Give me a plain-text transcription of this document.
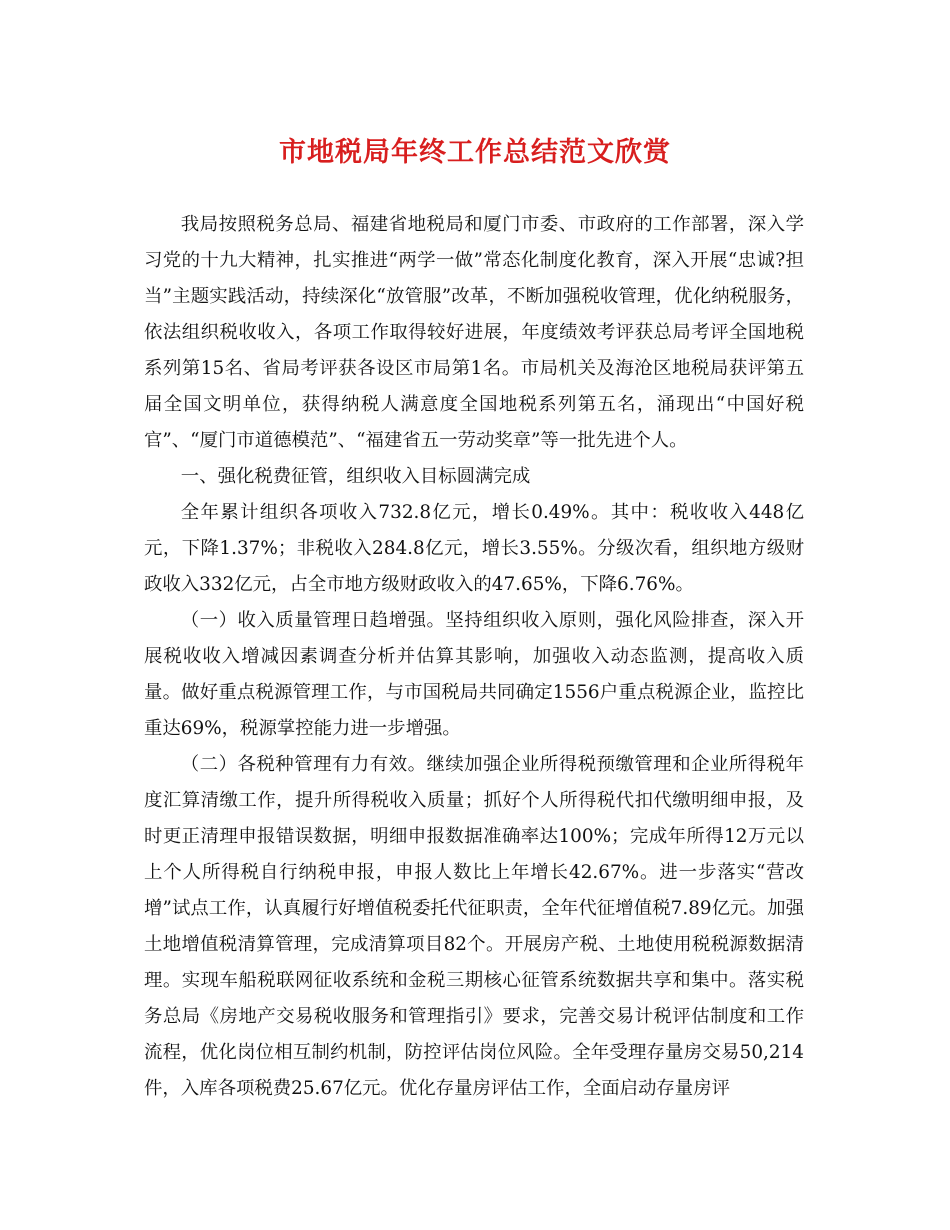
市地税局年终工作总结范文欣赏

我局按照税务总局、福建省地税局和厦门市委、市政府的工作部署，深入学习党的十九大精神，扎实推进“两学一做”常态化制度化教育，深入开展“忠诚?担当”主题实践活动，持续深化“放管服”改革，不断加强税收管理，优化纳税服务，依法组织税收收入，各项工作取得较好进展，年度绩效考评获总局考评全国地税系列第15名、省局考评获各设区市局第1名。市局机关及海沧区地税局获评第五届全国文明单位，获得纳税人满意度全国地税系列第五名，涌现出“中国好税官”、“厦门市道德模范”、“福建省五一劳动奖章”等一批先进个人。

一、强化税费征管，组织收入目标圆满完成

全年累计组织各项收入732.8亿元，增长0.49%。其中：税收收入448亿元，下降1.37%；非税收入284.8亿元，增长3.55%。分级次看，组织地方级财政收入332亿元，占全市地方级财政收入的47.65%，下降6.76%。

（一）收入质量管理日趋增强。坚持组织收入原则，强化风险排查，深入开展税收收入增减因素调查分析并估算其影响，加强收入动态监测，提高收入质量。做好重点税源管理工作，与市国税局共同确定1556户重点税源企业，监控比重达69%，税源掌控能力进一步增强。

（二）各税种管理有力有效。继续加强企业所得税预缴管理和企业所得税年度汇算清缴工作，提升所得税收入质量；抓好个人所得税代扣代缴明细申报，及时更正清理申报错误数据，明细申报数据准确率达100%；完成年所得12万元以上个人所得税自行纳税申报，申报人数比上年增长42.67%。进一步落实“营改增”试点工作，认真履行好增值税委托代征职责，全年代征增值税7.89亿元。加强土地增值税清算管理，完成清算项目82个。开展房产税、土地使用税税源数据清理。实现车船税联网征收系统和金税三期核心征管系统数据共享和集中。落实税务总局《房地产交易税收服务和管理指引》要求，完善交易计税评估制度和工作流程，优化岗位相互制约机制，防控评估岗位风险。全年受理存量房交易50,214件，入库各项税费25.67亿元。优化存量房评估工作，全面启动存量房评
